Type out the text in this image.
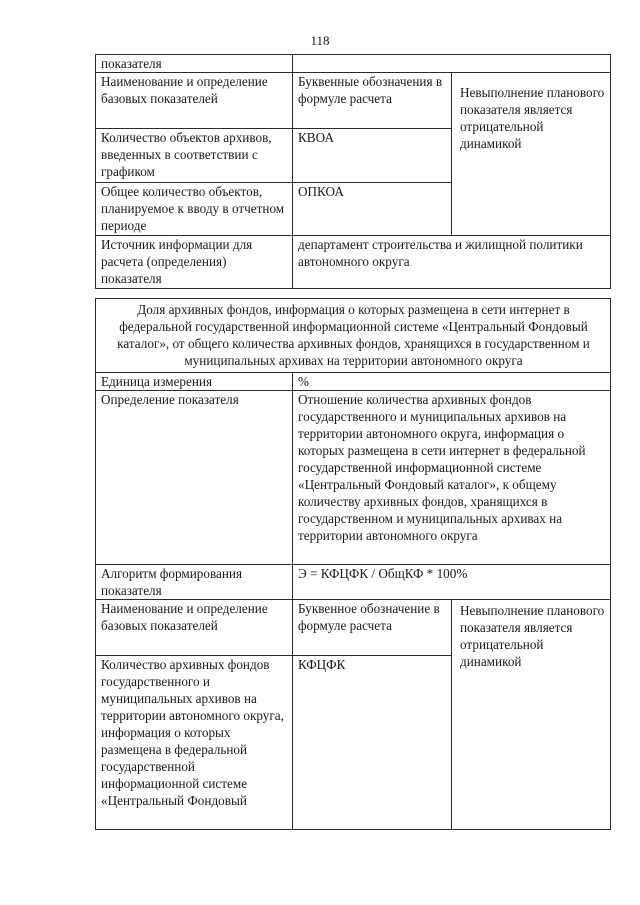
118
показателя		
Наименование и определение базовых показателей	Буквенные обозначения в формуле расчета	Невыполнение планового показателя является отрицательной динамикой
Количество объектов архивов, введенных в соответствии с графиком	КВОА	
Общее количество объектов, планируемое к вводу в отчетном периоде	ОПКОА	
Источник информации для расчета (определения) показателя	департамент строительства и жилищной политики автономного округа	
Доля архивных фондов, информация о которых размещена в сети интернет в федеральной государственной информационной системе «Центральный Фондовый каталог», от общего количества архивных фондов, хранящихся в государственном и муниципальных архивах на территории автономного округа		
Единица измерения	%	
Определение показателя	Отношение количества архивных фондов государственного и муниципальных архивов на территории автономного округа, информация о которых размещена в сети интернет в федеральной государственной информационной системе «Центральный Фондовый каталог», к общему количеству архивных фондов, хранящихся в государственном и муниципальных архивах на территории автономного округа	
Алгоритм формирования показателя	Э = КФЦФК / ОбщКФ * 100%	
Наименование и определение базовых показателей	Буквенное обозначение в формуле расчета	Невыполнение планового показателя является отрицательной динамикой
Количество архивных фондов государственного и муниципальных архивов на территории автономного округа, информация о которых размещена в федеральной государственной информационной системе «Центральный Фондовый	КФЦФК	
